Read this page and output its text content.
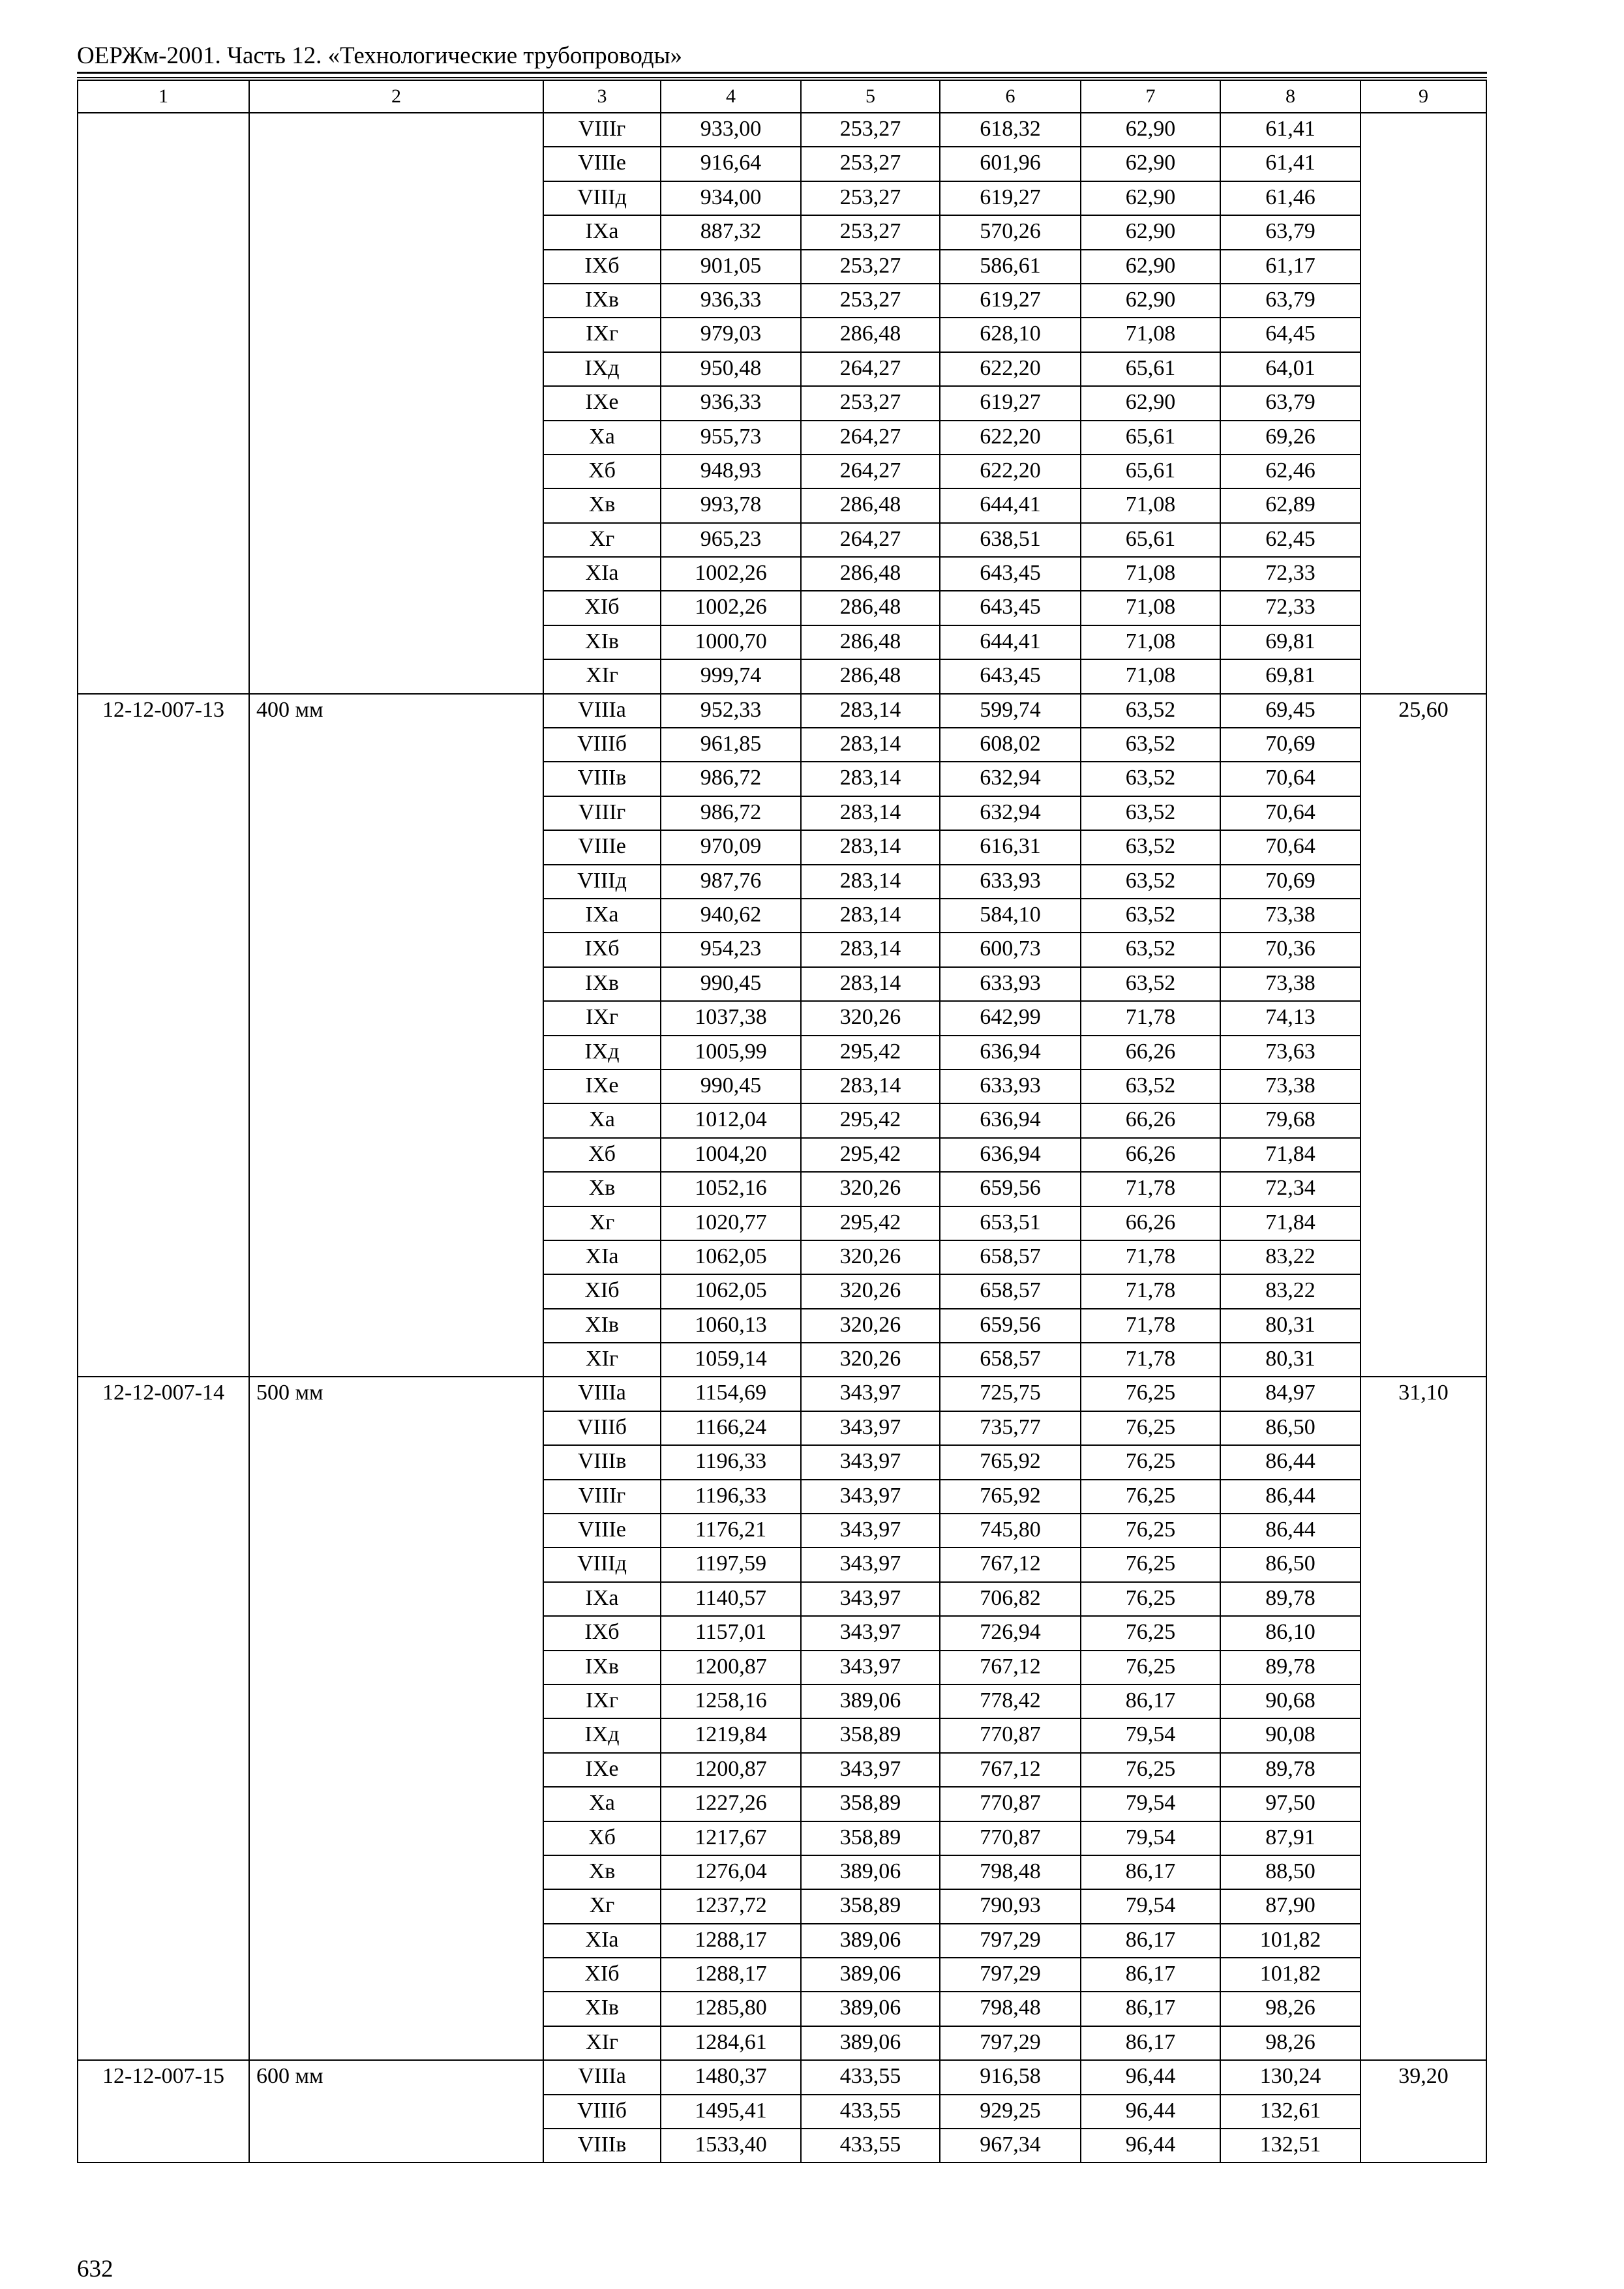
ОЕРЖм-2001. Часть 12. «Технологические трубопроводы»
1	2	3	4	5	6	7	8	9
		VIIIг	933,00	253,27	618,32	62,90	61,41	
		VIIIe	916,64	253,27	601,96	62,90	61,41	
		VIIIд	934,00	253,27	619,27	62,90	61,46	
		IXa	887,32	253,27	570,26	62,90	63,79	
		IXб	901,05	253,27	586,61	62,90	61,17	
		IXв	936,33	253,27	619,27	62,90	63,79	
		IXг	979,03	286,48	628,10	71,08	64,45	
		IXд	950,48	264,27	622,20	65,61	64,01	
		IXe	936,33	253,27	619,27	62,90	63,79	
		Xa	955,73	264,27	622,20	65,61	69,26	
		Xб	948,93	264,27	622,20	65,61	62,46	
		Xв	993,78	286,48	644,41	71,08	62,89	
		Xг	965,23	264,27	638,51	65,61	62,45	
		XIa	1002,26	286,48	643,45	71,08	72,33	
		XIб	1002,26	286,48	643,45	71,08	72,33	
		XIв	1000,70	286,48	644,41	71,08	69,81	
		XIг	999,74	286,48	643,45	71,08	69,81	
12-12-007-13	400 мм	VIIIa	952,33	283,14	599,74	63,52	69,45	25,60
		VIIIб	961,85	283,14	608,02	63,52	70,69	
		VIIIв	986,72	283,14	632,94	63,52	70,64	
		VIIIг	986,72	283,14	632,94	63,52	70,64	
		VIIIe	970,09	283,14	616,31	63,52	70,64	
		VIIIд	987,76	283,14	633,93	63,52	70,69	
		IXa	940,62	283,14	584,10	63,52	73,38	
		IXб	954,23	283,14	600,73	63,52	70,36	
		IXв	990,45	283,14	633,93	63,52	73,38	
		IXг	1037,38	320,26	642,99	71,78	74,13	
		IXд	1005,99	295,42	636,94	66,26	73,63	
		IXe	990,45	283,14	633,93	63,52	73,38	
		Xa	1012,04	295,42	636,94	66,26	79,68	
		Xб	1004,20	295,42	636,94	66,26	71,84	
		Xв	1052,16	320,26	659,56	71,78	72,34	
		Xг	1020,77	295,42	653,51	66,26	71,84	
		XIa	1062,05	320,26	658,57	71,78	83,22	
		XIб	1062,05	320,26	658,57	71,78	83,22	
		XIв	1060,13	320,26	659,56	71,78	80,31	
		XIг	1059,14	320,26	658,57	71,78	80,31	
12-12-007-14	500 мм	VIIIa	1154,69	343,97	725,75	76,25	84,97	31,10
		VIIIб	1166,24	343,97	735,77	76,25	86,50	
		VIIIв	1196,33	343,97	765,92	76,25	86,44	
		VIIIг	1196,33	343,97	765,92	76,25	86,44	
		VIIIe	1176,21	343,97	745,80	76,25	86,44	
		VIIIд	1197,59	343,97	767,12	76,25	86,50	
		IXa	1140,57	343,97	706,82	76,25	89,78	
		IXб	1157,01	343,97	726,94	76,25	86,10	
		IXв	1200,87	343,97	767,12	76,25	89,78	
		IXг	1258,16	389,06	778,42	86,17	90,68	
		IXд	1219,84	358,89	770,87	79,54	90,08	
		IXe	1200,87	343,97	767,12	76,25	89,78	
		Xa	1227,26	358,89	770,87	79,54	97,50	
		Xб	1217,67	358,89	770,87	79,54	87,91	
		Xв	1276,04	389,06	798,48	86,17	88,50	
		Xг	1237,72	358,89	790,93	79,54	87,90	
		XIa	1288,17	389,06	797,29	86,17	101,82	
		XIб	1288,17	389,06	797,29	86,17	101,82	
		XIв	1285,80	389,06	798,48	86,17	98,26	
		XIг	1284,61	389,06	797,29	86,17	98,26	
12-12-007-15	600 мм	VIIIa	1480,37	433,55	916,58	96,44	130,24	39,20
		VIIIб	1495,41	433,55	929,25	96,44	132,61	
		VIIIв	1533,40	433,55	967,34	96,44	132,51	
632
